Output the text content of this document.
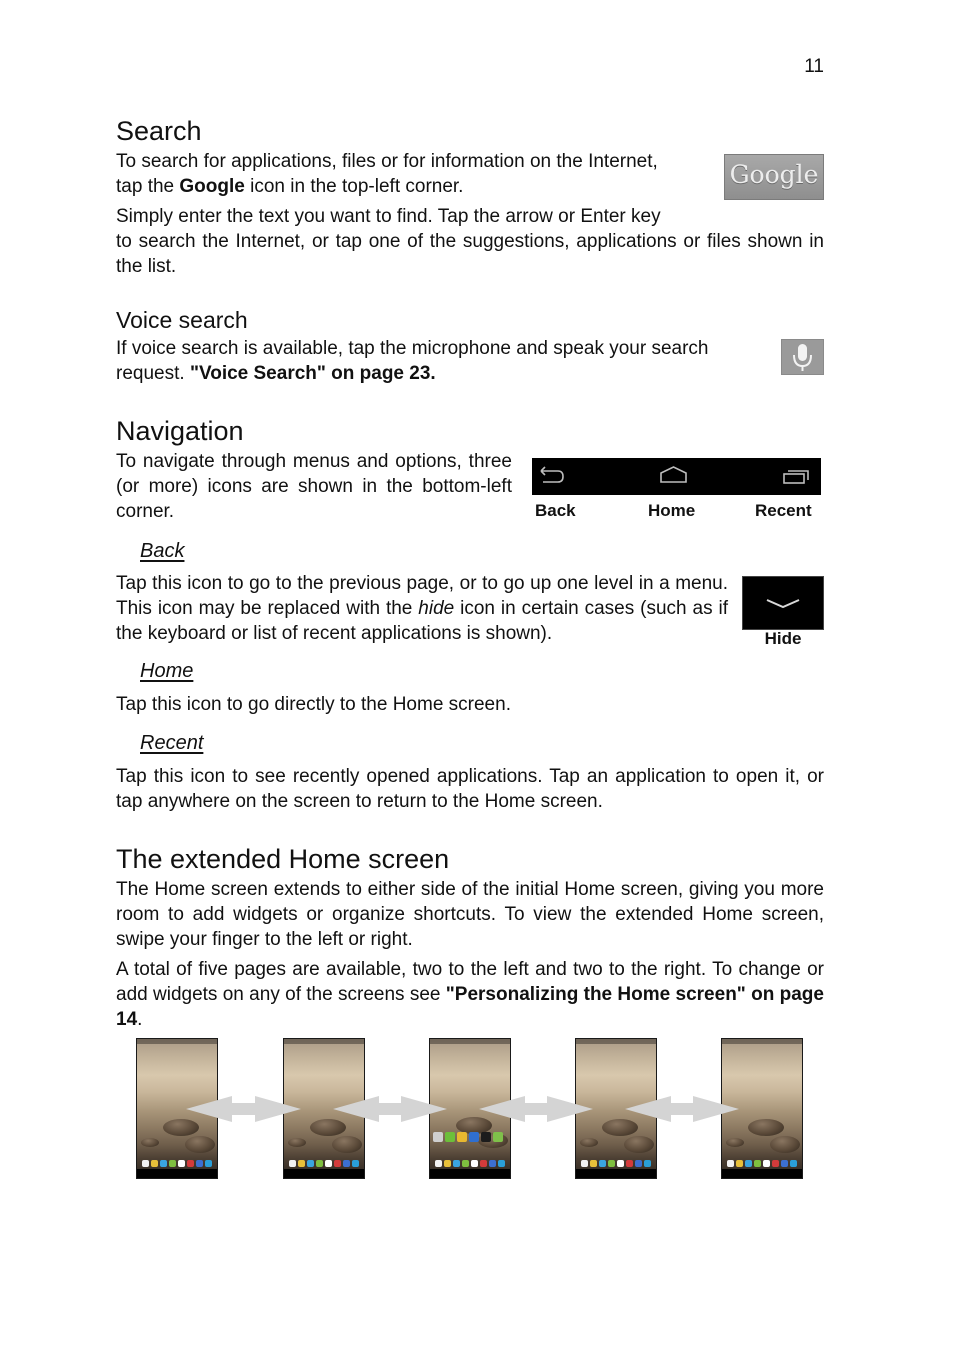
11
Search

To search for applications, files or for information on the Internet,

tap the Google icon in the top-left corner.	Google

Simply enter the text you want to find. Tap the arrow or Enter key

to search the Internet, or tap one of the suggestions, applications or files shown in the list.

Voice search

If voice search is available, tap the microphone and speak your search

request. "Voice Search" on page 23.

Navigation

To navigate through menus and options, three (or more) icons are shown in the bottom-left corner.	Back	Home	Recent
Back

Tap this icon to go to the previous page, or to go up one level in a menu. This icon may be replaced with the hide icon in certain cases (such as if the keyboard or list of recent applications is shown).	Hide
Home

Tap this icon to go directly to the Home screen.

Recent

Tap this icon to see recently opened applications. Tap an application to open it, or tap anywhere on the screen to return to the Home screen.

The extended Home screen

The Home screen extends to either side of the initial Home screen, giving you more room to add widgets or organize shortcuts. To view the extended Home screen, swipe your finger to the left or right.

A total of five pages are available, two to the left and two to the right. To change or add widgets on any of the screens see "Personalizing the Home screen" on page 14.
